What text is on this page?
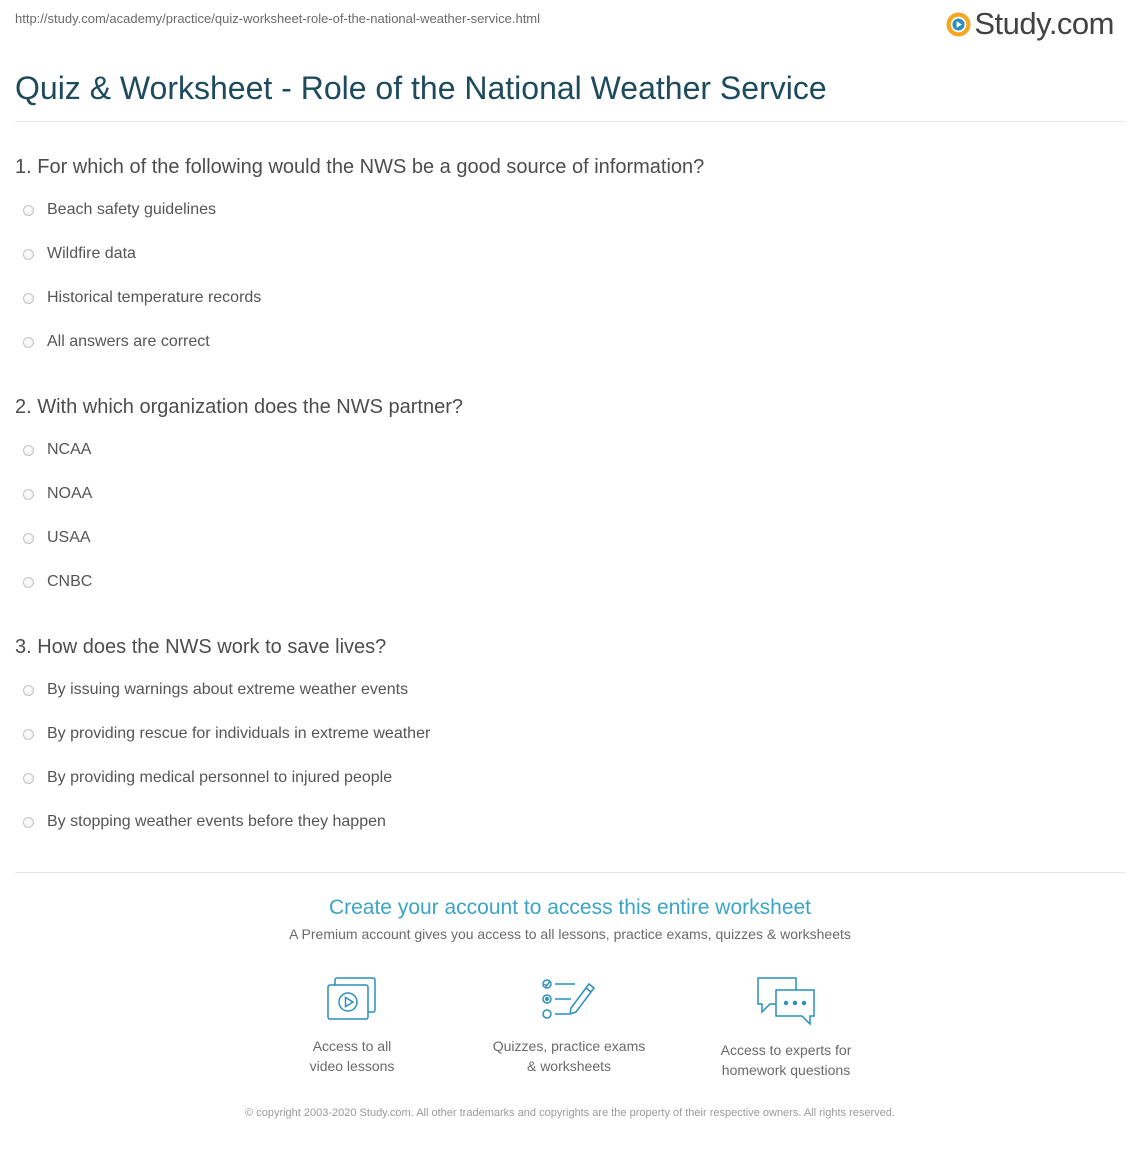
http://study.com/academy/practice/quiz-worksheet-role-of-the-national-weather-service.html	Study.com
Quiz & Worksheet - Role of the National Weather Service
1. For which of the following would the NWS be a good source of information?
Beach safety guidelines
Wildfire data
Historical temperature records
All answers are correct
2. With which organization does the NWS partner?
NCAA
NOAA
USAA
CNBC
3. How does the NWS work to save lives?
By issuing warnings about extreme weather events
By providing rescue for individuals in extreme weather
By providing medical personnel to injured people
By stopping weather events before they happen
Create your account to access this entire worksheet
A Premium account gives you access to all lessons, practice exams, quizzes & worksheets
Access to all
video lessons
Quizzes, practice exams
& worksheets
Access to experts for
homework questions
© copyright 2003-2020 Study.com. All other trademarks and copyrights are the property of their respective owners. All rights reserved.
